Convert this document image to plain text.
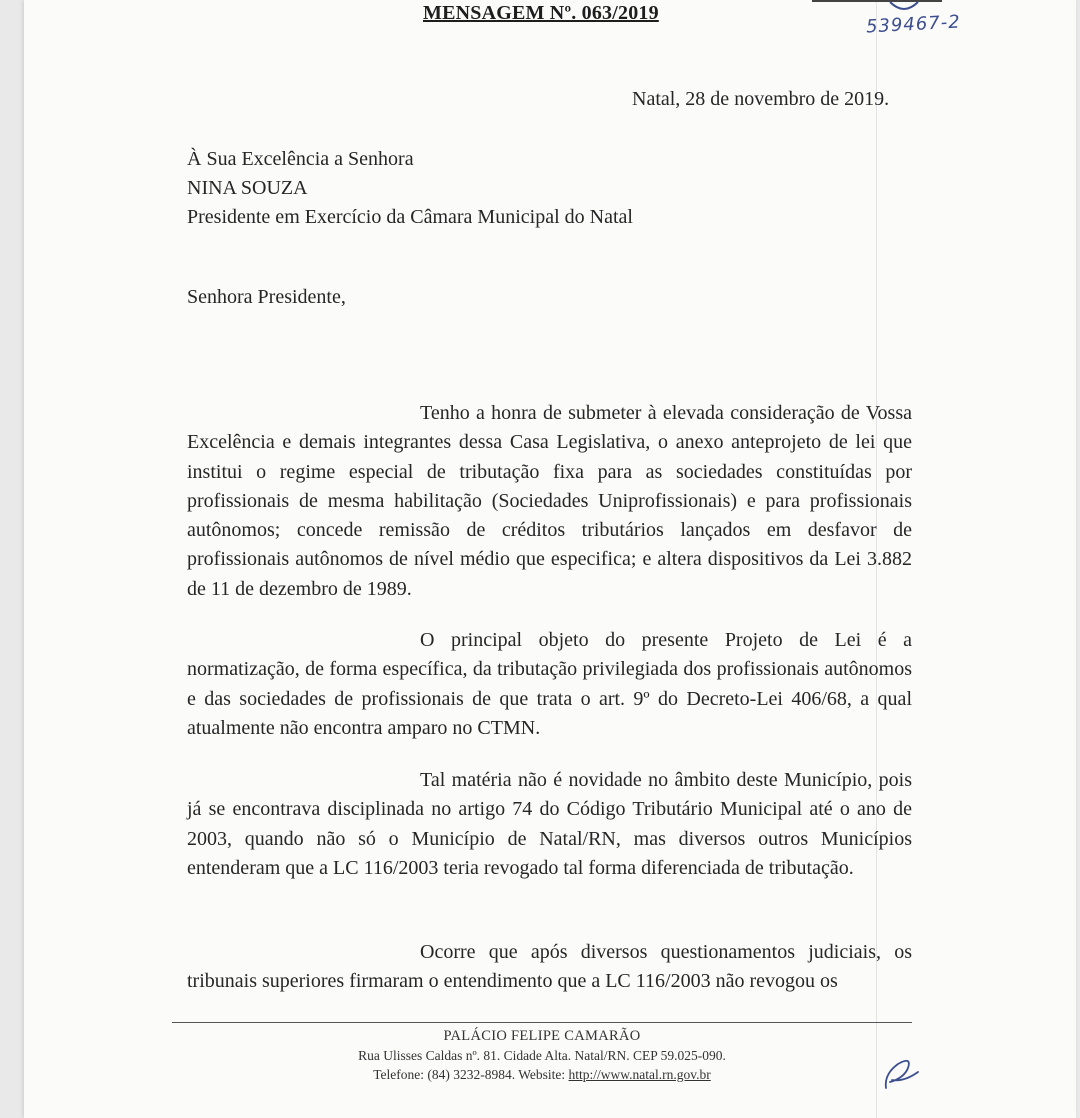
MENSAGEM Nº. 063/2019	539467-2
Natal, 28 de novembro de 2019.
À Sua Excelência a Senhora
NINA SOUZA
Presidente em Exercício da Câmara Municipal do Natal
Senhora Presidente,

Tenho a honra de submeter à elevada consideração de Vossa Excelência e demais integrantes dessa Casa Legislativa, o anexo anteprojeto de lei que institui o regime especial de tributação fixa para as sociedades constituídas por profissionais de mesma habilitação (Sociedades Uniprofissionais) e para profissionais autônomos; concede remissão de créditos tributários lançados em desfavor de profissionais autônomos de nível médio que especifica; e altera dispositivos da Lei 3.882 de 11 de dezembro de 1989.

O principal objeto do presente Projeto de Lei é a normatização, de forma específica, da tributação privilegiada dos profissionais autônomos e das sociedades de profissionais de que trata o art. 9º do Decreto-Lei 406/68, a qual atualmente não encontra amparo no CTMN.

Tal matéria não é novidade no âmbito deste Município, pois já se encontrava disciplinada no artigo 74 do Código Tributário Municipal até o ano de 2003, quando não só o Município de Natal/RN, mas diversos outros Municípios entenderam que a LC 116/2003 teria revogado tal forma diferenciada de tributação.

Ocorre que após diversos questionamentos judiciais, os tribunais superiores firmaram o entendimento que a LC 116/2003 não revogou os

PALÁCIO FELIPE CAMARÃO
Rua Ulisses Caldas nº. 81. Cidade Alta. Natal/RN. CEP 59.025-090.
Telefone: (84) 3232-8984. Website: http://www.natal.rn.gov.br
